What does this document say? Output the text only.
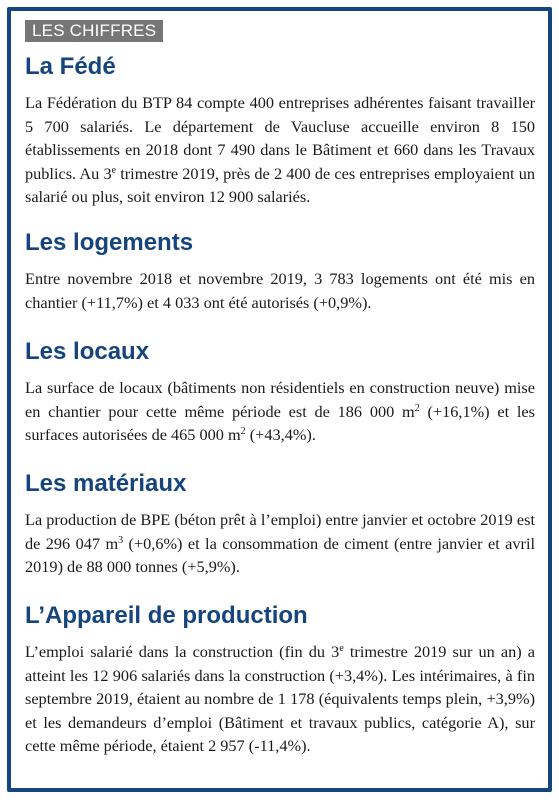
LES CHIFFRES
La Fédé

La Fédération du BTP 84 compte 400 entreprises adhérentes faisant travailler 5 700 salariés. Le département de Vaucluse accueille environ 8 150 établissements en 2018 dont 7 490 dans le Bâtiment et 660 dans les Travaux publics. Au 3e trimestre 2019, près de 2 400 de ces entreprises employaient un salarié ou plus, soit environ 12 900 salariés.

Les logements

Entre novembre 2018 et novembre 2019, 3 783 logements ont été mis en chantier (+11,7%) et 4 033 ont été autorisés (+0,9%).

Les locaux

La surface de locaux (bâtiments non résidentiels en construction neuve) mise en chantier pour cette même période est de 186 000 $m^2$ (+16,1%) et les surfaces autorisées de 465 000 $m^2$ (+43,4%).

Les matériaux

La production de BPE (béton prêt à l’emploi) entre janvier et octobre 2019 est de 296 047 $m^3$ (+0,6%) et la consommation de ciment (entre janvier et avril 2019) de 88 000 tonnes (+5,9%).

L’Appareil de production

L’emploi salarié dans la construction (fin du 3e trimestre 2019 sur un an) a atteint les 12 906 salariés dans la construction (+3,4%). Les intérimaires, à fin septembre 2019, étaient au nombre de 1 178 (équivalents temps plein, +3,9%) et les demandeurs d’emploi (Bâtiment et travaux publics, catégorie A), sur cette même période, étaient 2 957 (-11,4%).
